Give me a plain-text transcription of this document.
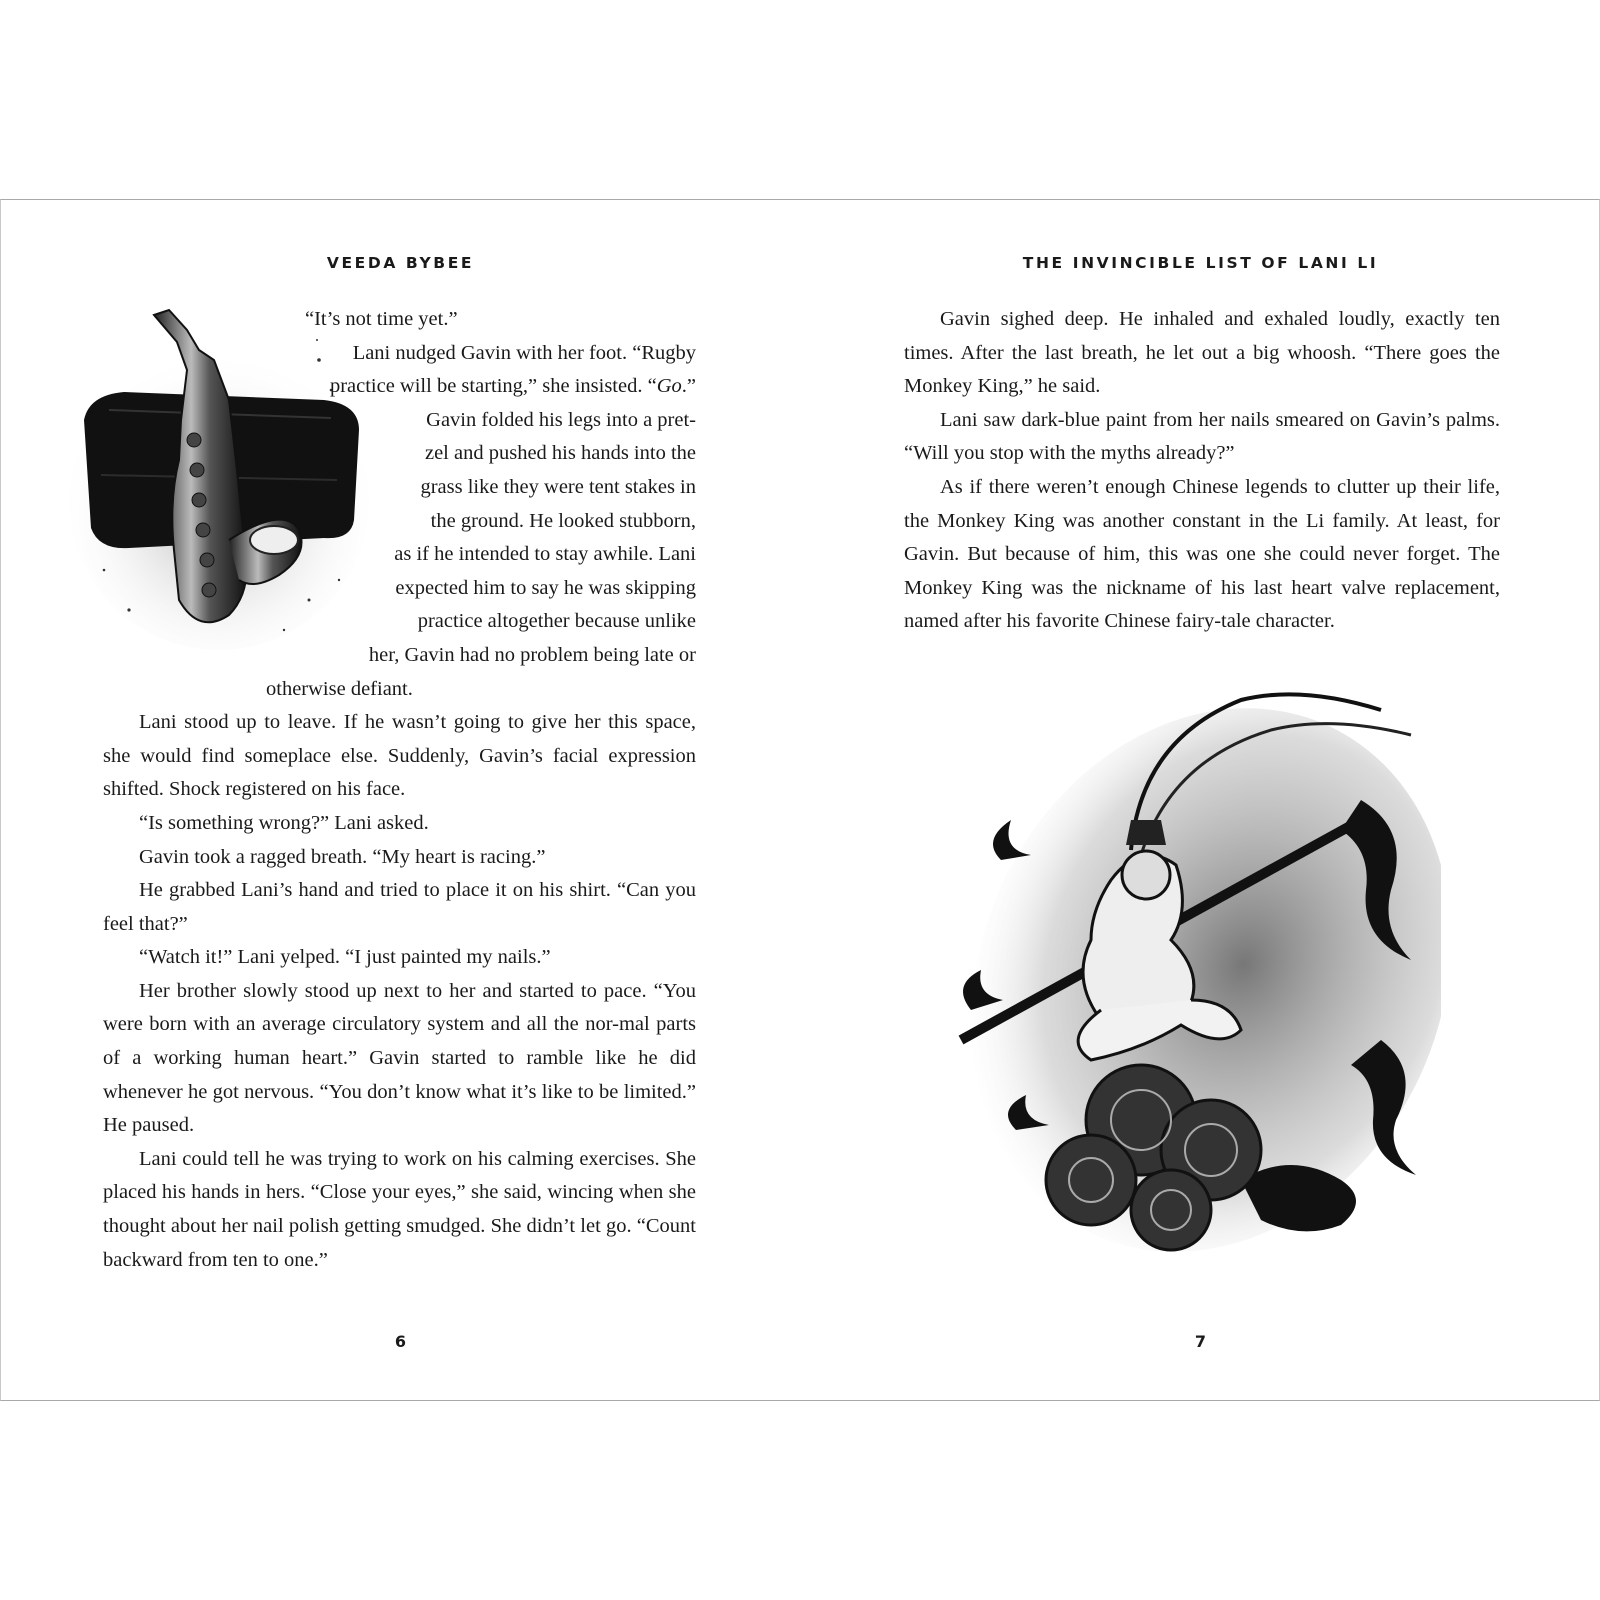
VEEDA BYBEE

“It’s not time yet.”

Lani nudged Gavin with her foot. “Rugby

practice will be starting,” she insisted. “Go.”

Gavin folded his legs into a pret-

zel and pushed his hands into the

grass like they were tent stakes in

the ground. He looked stubborn,

as if he intended to stay awhile. Lani

expected him to say he was skipping

practice altogether because unlike

her, Gavin had no problem being late or

otherwise defiant.

Lani stood up to leave. If he wasn’t going to give her this space, she would find someplace else. Suddenly, Gavin’s facial expression shifted. Shock registered on his face.

“Is something wrong?” Lani asked.

Gavin took a ragged breath. “My heart is racing.”

He grabbed Lani’s hand and tried to place it on his shirt. “Can you feel that?”

“Watch it!” Lani yelped. “I just painted my nails.”

Her brother slowly stood up next to her and started to pace. “You were born with an average circulatory system and all the nor-mal parts of a working human heart.” Gavin started to ramble like he did whenever he got nervous. “You don’t know what it’s like to be limited.” He paused.

Lani could tell he was trying to work on his calming exercises. She placed his hands in hers. “Close your eyes,” she said, wincing when she thought about her nail polish getting smudged. She didn’t let go. “Count backward from ten to one.”

6
THE INVINCIBLE LIST OF LANI LI

Gavin sighed deep. He inhaled and exhaled loudly, exactly ten times. After the last breath, he let out a big whoosh. “There goes the Monkey King,” he said.

Lani saw dark-blue paint from her nails smeared on Gavin’s palms. “Will you stop with the myths already?”

As if there weren’t enough Chinese legends to clutter up their life, the Monkey King was another constant in the Li family. At least, for Gavin. But because of him, this was one she could never forget. The Monkey King was the nickname of his last heart valve replacement, named after his favorite Chinese fairy-tale character.

7
